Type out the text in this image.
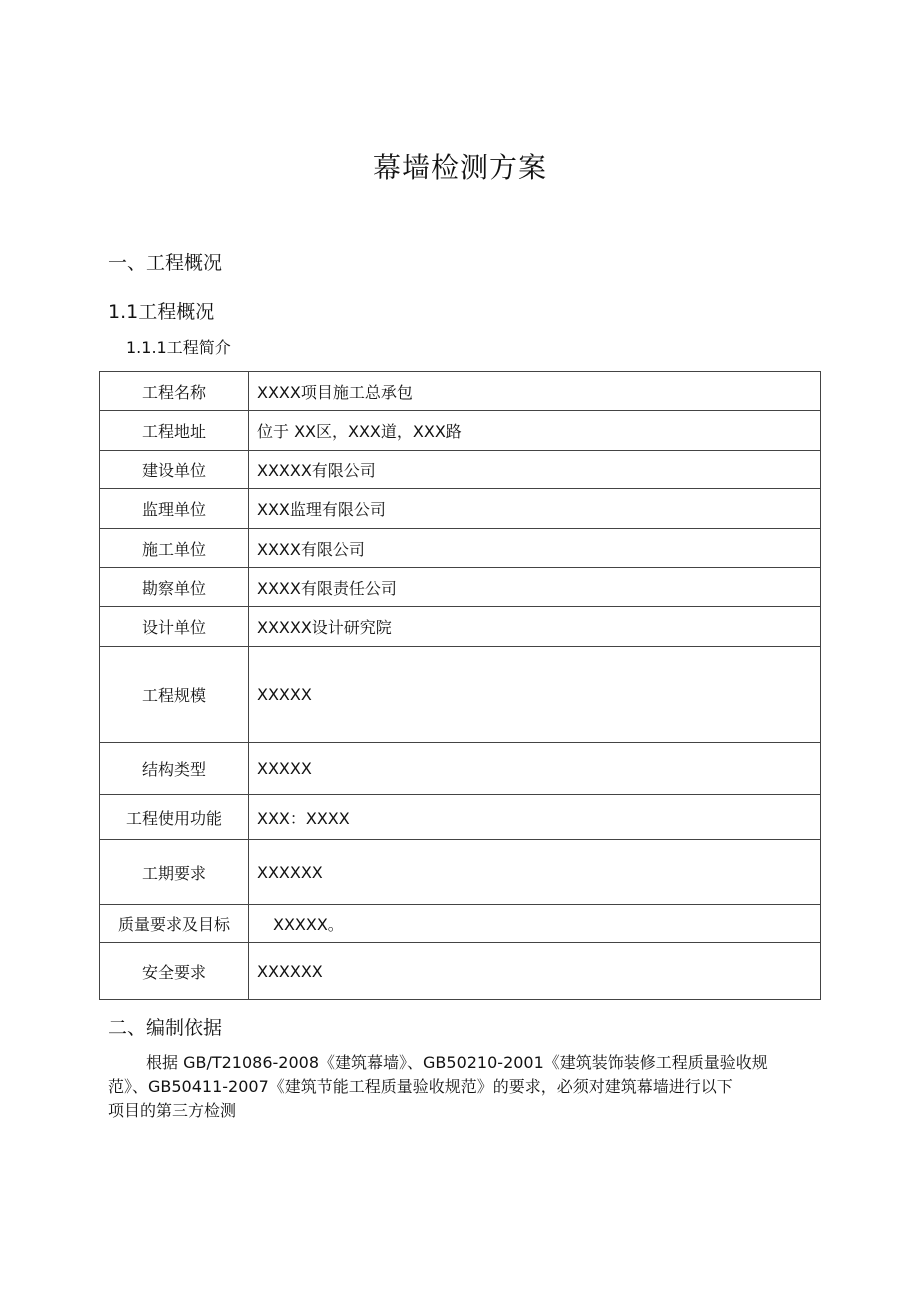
幕墙检测方案
一、工程概况
1.1工程概况
1.1.1工程简介
工程名称	XXXX项目施工总承包
工程地址	位于 XX区，XXX道，XXX路
建设单位	XXXXX有限公司
监理单位	XXX监理有限公司
施工单位	XXXX有限公司
勘察单位	XXXX有限责任公司
设计单位	XXXXX设计研究院
工程规模	XXXXX
结构类型	XXXXX
工程使用功能	XXX：XXXX
工期要求	XXXXXX
质量要求及目标	XXXXX。
安全要求	XXXXXX
二、编制依据
根据 GB/T21086-2008《建筑幕墙》、GB50210-2001《建筑装饰装修工程质量验收规
范》、GB50411-2007《建筑节能工程质量验收规范》的要求，必须对建筑幕墙进行以下
项目的第三方检测
